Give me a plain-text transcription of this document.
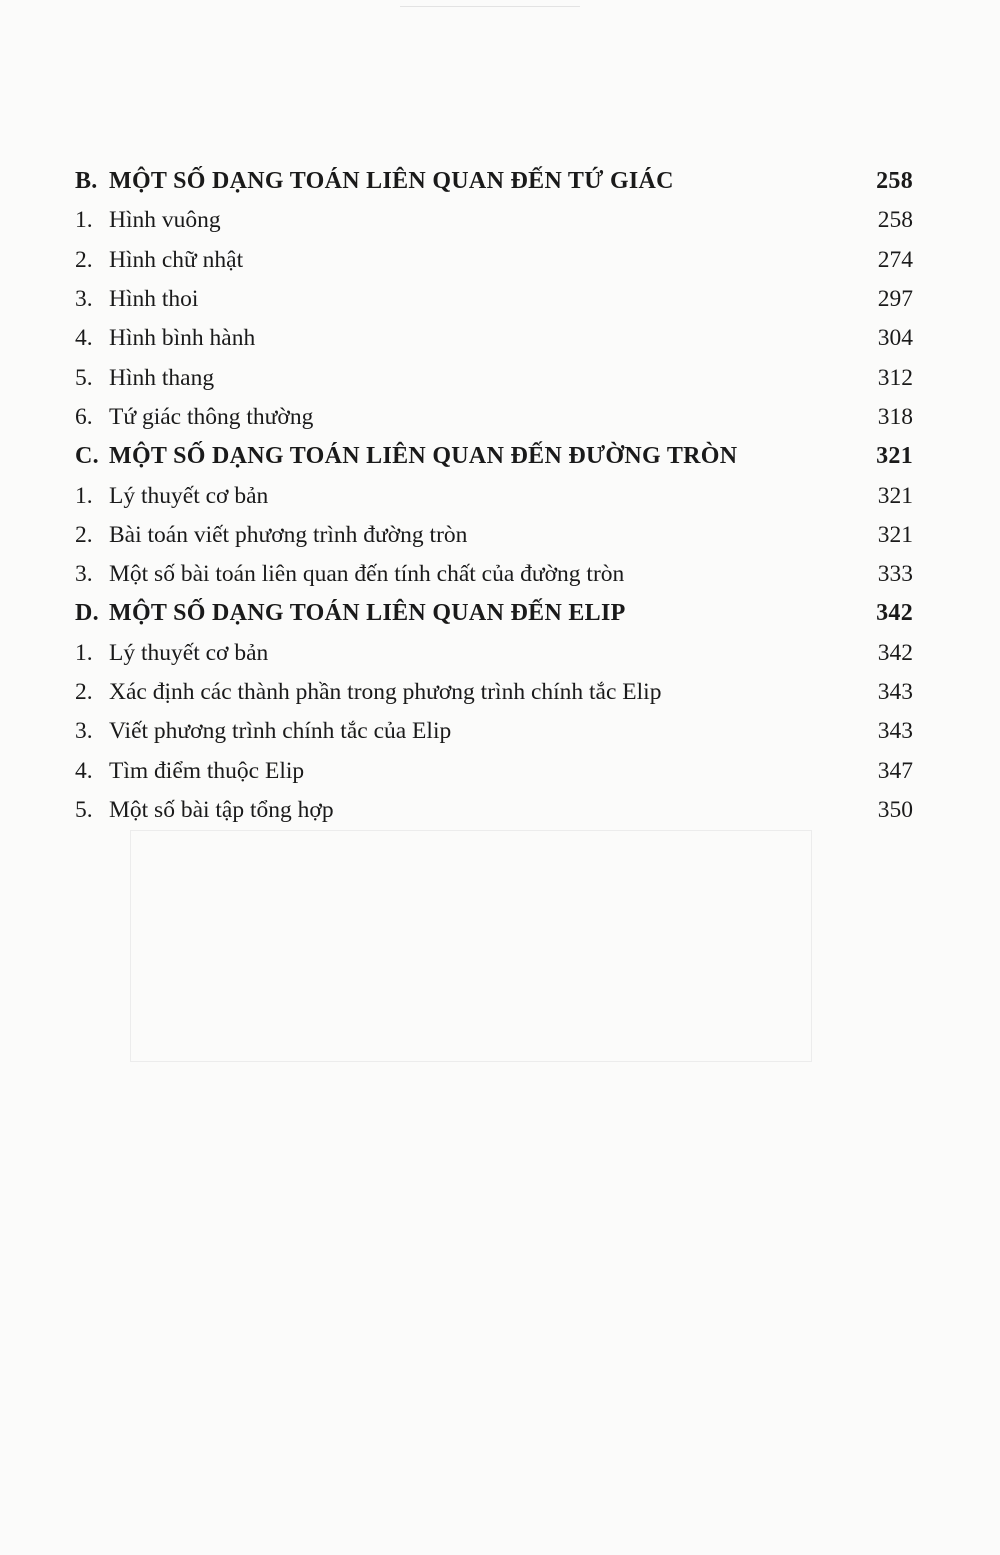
B. MỘT SỐ DẠNG TOÁN LIÊN QUAN ĐẾN TỨ GIÁC	258
1. Hình vuông	258
2. Hình chữ nhật	274
3. Hình thoi	297
4. Hình bình hành	304
5. Hình thang	312
6. Tứ giác thông thường	318
C. MỘT SỐ DẠNG TOÁN LIÊN QUAN ĐẾN ĐƯỜNG TRÒN	321
1. Lý thuyết cơ bản	321
2. Bài toán viết phương trình đường tròn	321
3. Một số bài toán liên quan đến tính chất của đường tròn	333
D. MỘT SỐ DẠNG TOÁN LIÊN QUAN ĐẾN ELIP	342
1. Lý thuyết cơ bản	342
2. Xác định các thành phần trong phương trình chính tắc Elip	343
3. Viết phương trình chính tắc của Elip	343
4. Tìm điểm thuộc Elip	347
5. Một số bài tập tổng hợp	350
